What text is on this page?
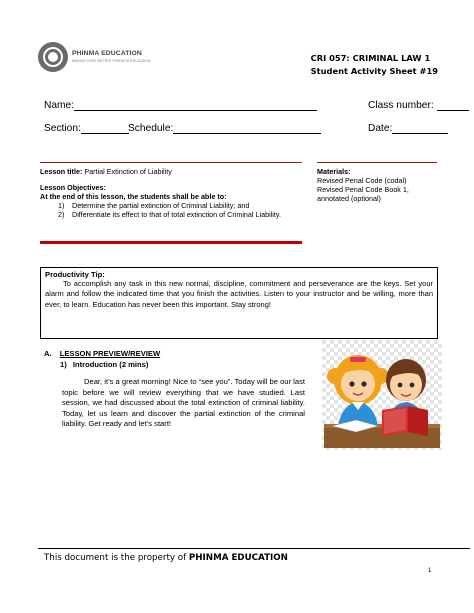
PHINMA EDUCATION
MAKING LIVES BETTER THROUGH EDUCATION	CRI 057: CRIMINAL LAW 1
Student Activity Sheet #19
Name:	Class number:
Section:	Schedule:	Date:
Lesson title: Partial Extinction of Liability
Lesson Objectives:
At the end of this lesson, the students shall be able to:
1)	Determine the partial extinction of Criminal Liability; and
2)	Differentiate its effect to that of total extinction of Criminal Liability.
Materials:
Revised Penal Code (codal)
Revised Penal Code Book 1, annotated (optional)
Productivity Tip:
To accomplish any task in this new normal, discipline, commitment and perseverance are the keys. Set your alarm and follow the indicated time that you finish the activities. Listen to your instructor and be willing, more than ever, to learn. Education has never been this important. Stay strong!
A. LESSON PREVIEW/REVIEW
1) Introduction (2 mins)
Dear, it’s a great morning! Nice to “see you”. Today will be our last topic before we will review everything that we have studied. Last session, we had discussed about the total extinction of criminal liability. Today, let us learn and discover the partial extinction of the criminal liability. Get ready and let’s start!
This document is the property of PHINMA EDUCATION
1
